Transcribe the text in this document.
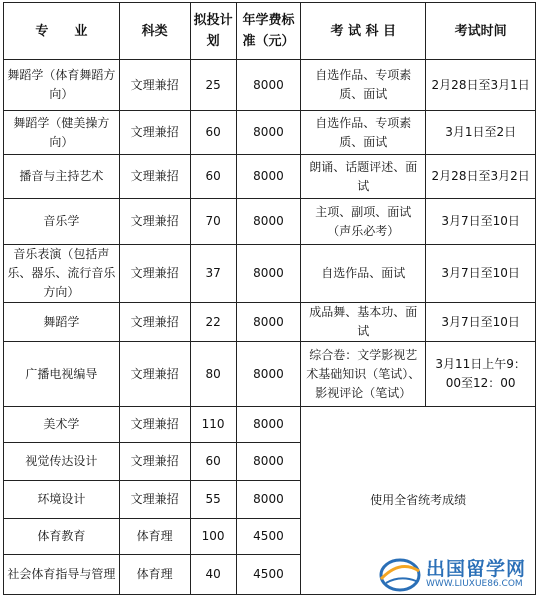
专　　业	科类	拟投计划	年学费标准（元）	考 试 科 目	考试时间
舞蹈学（体育舞蹈方向）	文理兼招	25	8000	自选作品、专项素质、面试	2月28日至3月1日
舞蹈学（健美操方向）	文理兼招	60	8000	自选作品、专项素质、面试	3月1日至2日
播音与主持艺术	文理兼招	60	8000	朗诵、话题评述、面试	2月28日至3月2日
音乐学	文理兼招	70	8000	主项、副项、面试（声乐必考）	3月7日至10日
音乐表演（包括声乐、器乐、流行音乐方向）	文理兼招	37	8000	自选作品、面试	3月7日至10日
舞蹈学	文理兼招	22	8000	成品舞、基本功、面试	3月7日至10日
广播电视编导	文理兼招	80	8000	综合卷：文学影视艺术基础知识（笔试）、影视评论（笔试）	3月11日上午9：00至12：00
美术学	文理兼招	110	8000	使用全省统考成绩	
视觉传达设计	文理兼招	60	8000		
环境设计	文理兼招	55	8000		
体育教育	体育理	100	4500		
社会体育指导与管理	体育理	40	4500			出国留学网
WWW.LIUXUE86.COM
